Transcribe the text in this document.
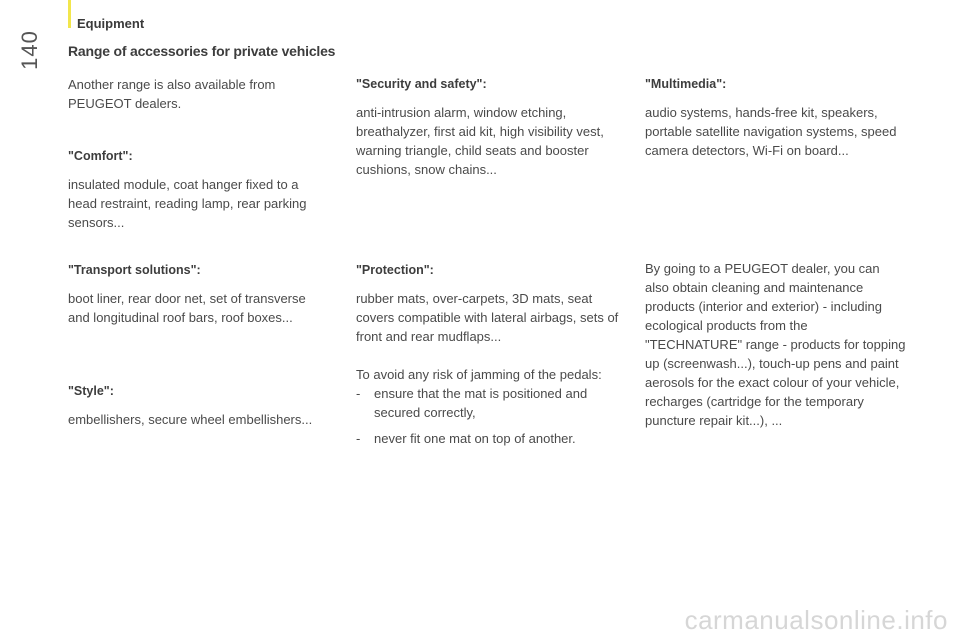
Equipment
140	Range of accessories for private vehicles

Another range is also available from PEUGEOT dealers.

"Comfort":

insulated module, coat hanger fixed to a head restraint, reading lamp, rear parking sensors...

"Transport solutions":

boot liner, rear door net, set of transverse and longitudinal roof bars, roof boxes...

"Style":

embellishers, secure wheel embellishers...

"Security and safety":

anti-intrusion alarm, window etching, breathalyzer, first aid kit, high visibility vest, warning triangle, child seats and booster cushions, snow chains...

"Protection":

rubber mats, over-carpets, 3D mats, seat covers compatible with lateral airbags, sets of front and rear mudflaps...

To avoid any risk of jamming of the pedals:

- ensure that the mat is positioned and secured correctly,
- never fit one mat on top of another.

"Multimedia":

audio systems, hands-free kit, speakers, portable satellite navigation systems, speed camera detectors, Wi-Fi on board...

By going to a PEUGEOT dealer, you can also obtain cleaning and maintenance products (interior and exterior) - including ecological products from the "TECHNATURE" range - products for topping up (screenwash...), touch-up pens and paint aerosols for the exact colour of your vehicle, recharges (cartridge for the temporary puncture repair kit...), ...

carmanualsonline.info
